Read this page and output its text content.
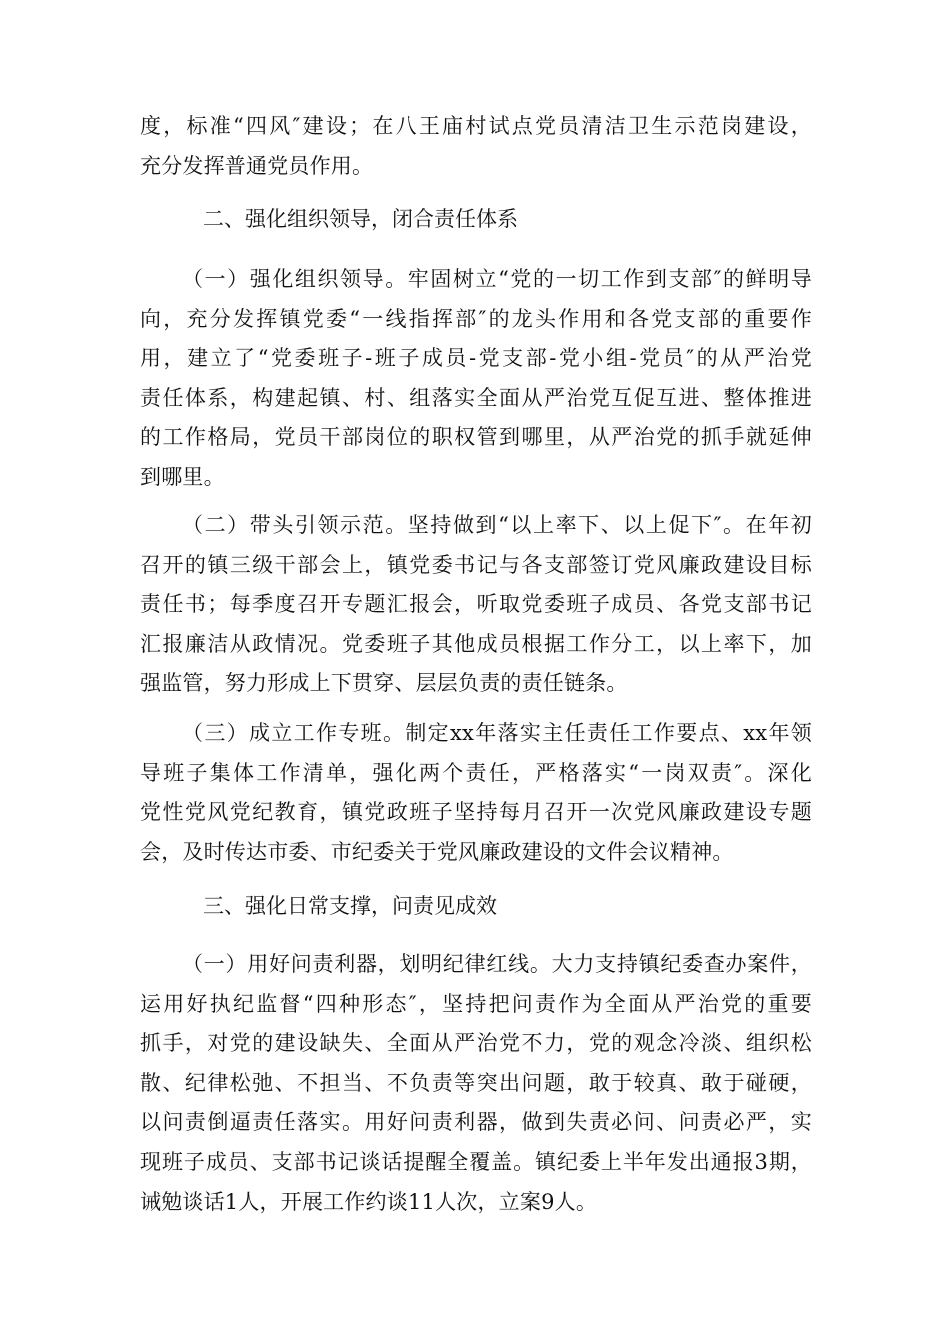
度，标准“四风″建设；在八王庙村试点党员清洁卫生示范岗建设，
充分发挥普通党员作用。
二、强化组织领导，闭合责任体系
（一）强化组织领导。牢固树立“党的一切工作到支部″的鲜明导
向，充分发挥镇党委“一线指挥部″的龙头作用和各党支部的重要作
用，建立了“党委班子-班子成员-党支部-党小组-党员″的从严治党
责任体系，构建起镇、村、组落实全面从严治党互促互进、整体推进
的工作格局，党员干部岗位的职权管到哪里，从严治党的抓手就延伸
到哪里。
（二）带头引领示范。坚持做到“以上率下、以上促下″。在年初
召开的镇三级干部会上，镇党委书记与各支部签订党风廉政建设目标
责任书；每季度召开专题汇报会，听取党委班子成员、各党支部书记
汇报廉洁从政情况。党委班子其他成员根据工作分工，以上率下，加
强监管，努力形成上下贯穿、层层负责的责任链条。
（三）成立工作专班。制定xx年落实主任责任工作要点、xx年领
导班子集体工作清单，强化两个责任，严格落实“一岗双责″。深化
党性党风党纪教育，镇党政班子坚持每月召开一次党风廉政建设专题
会，及时传达市委、市纪委关于党风廉政建设的文件会议精神。
三、强化日常支撑，问责见成效
（一）用好问责利器，划明纪律红线。大力支持镇纪委查办案件，
运用好执纪监督“四种形态″，坚持把问责作为全面从严治党的重要
抓手，对党的建设缺失、全面从严治党不力，党的观念冷淡、组织松
散、纪律松弛、不担当、不负责等突出问题，敢于较真、敢于碰硬，
以问责倒逼责任落实。用好问责利器，做到失责必问、问责必严，实
现班子成员、支部书记谈话提醒全覆盖。镇纪委上半年发出通报3期，
诫勉谈话1人，开展工作约谈11人次，立案9人。
